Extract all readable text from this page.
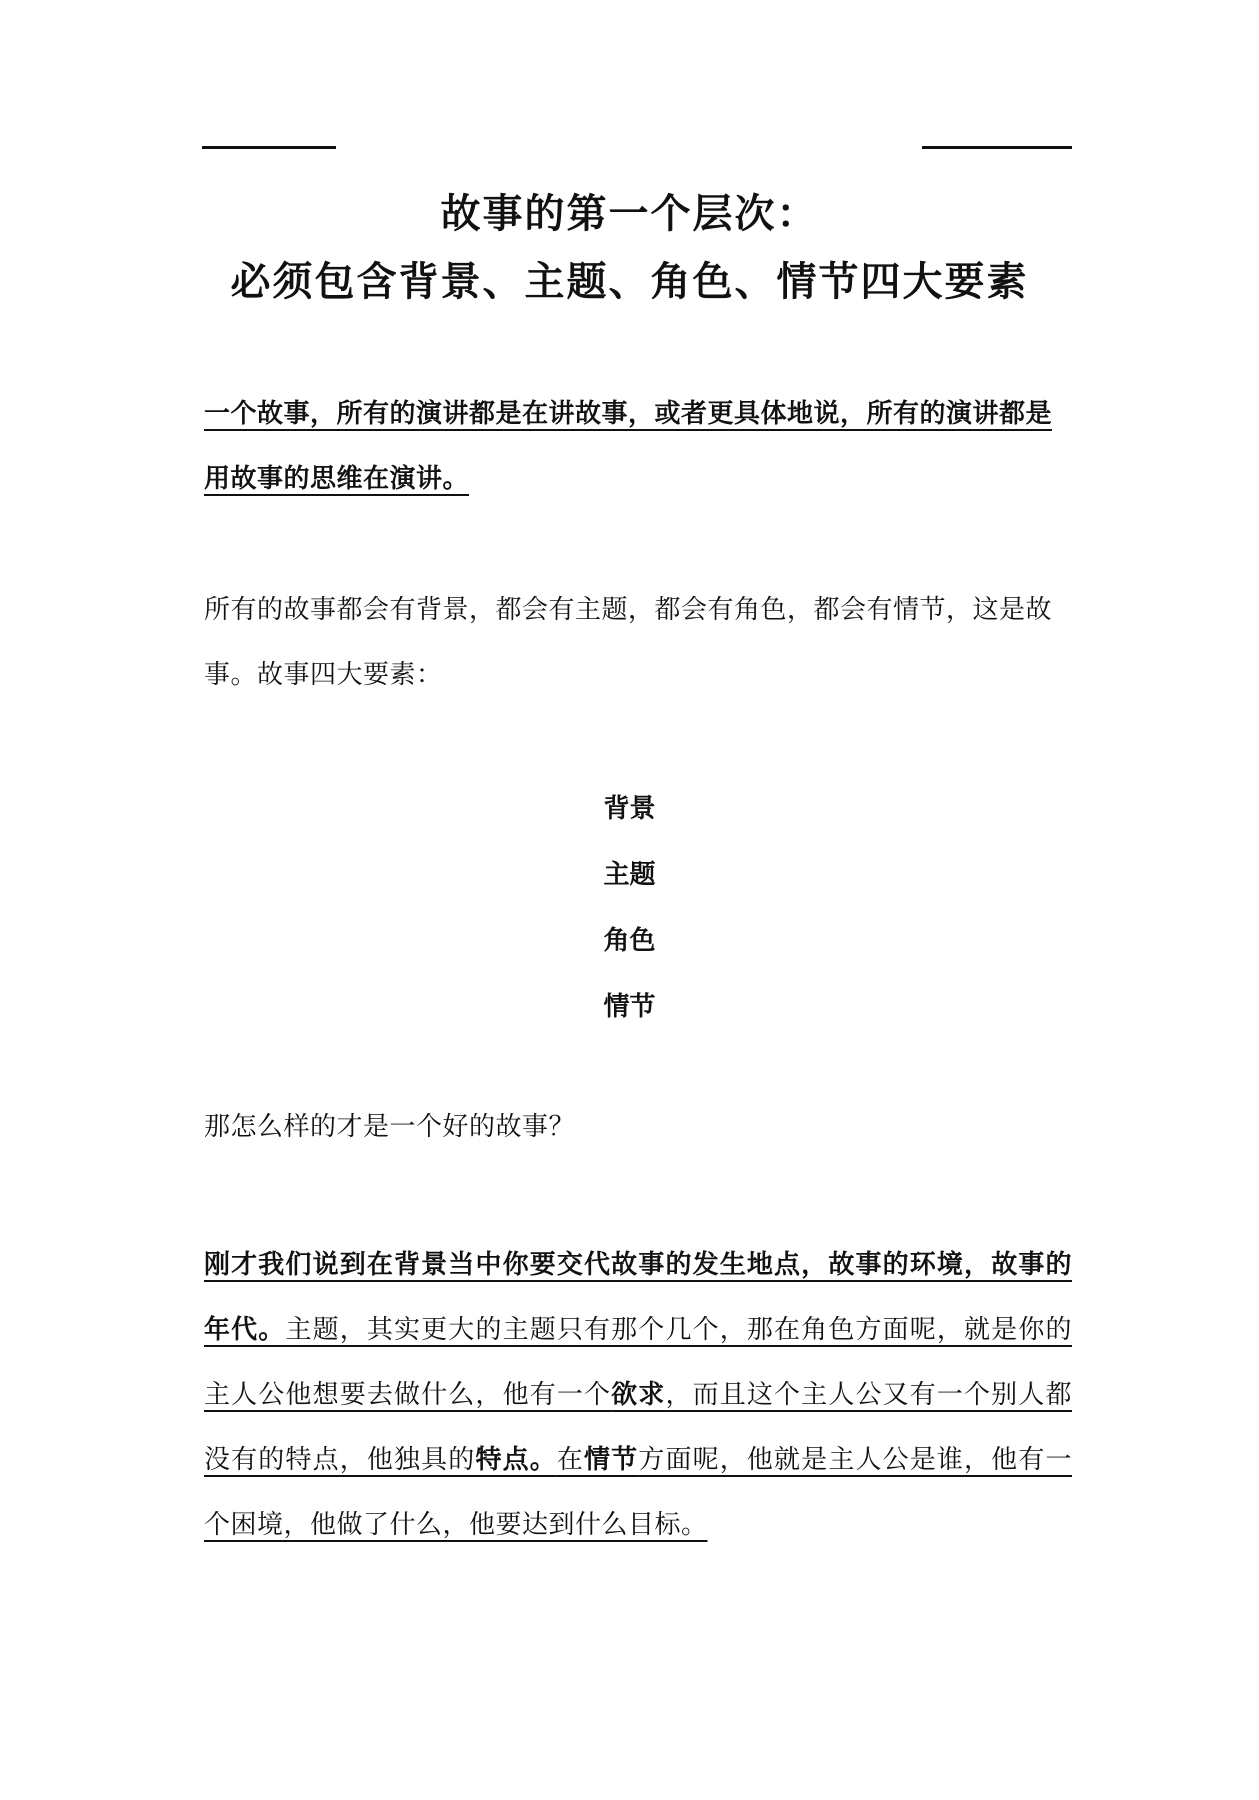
故事的第一个层次：
必须包含背景、主题、角色、情节四大要素

一个故事，所有的演讲都是在讲故事，或者更具体地说，所有的演讲都是用故事的思维在演讲。

所有的故事都会有背景，都会有主题，都会有角色，都会有情节，这是故事。故事四大要素：

背景
主题
角色
情节

那怎么样的才是一个好的故事？

刚才我们说到在背景当中你要交代故事的发生地点，故事的环境，故事的年代。主题，其实更大的主题只有那个几个，那在角色方面呢，就是你的主人公他想要去做什么，他有一个欲求，而且这个主人公又有一个别人都没有的特点，他独具的特点。在情节方面呢，他就是主人公是谁，他有一个困境，他做了什么，他要达到什么目标。
